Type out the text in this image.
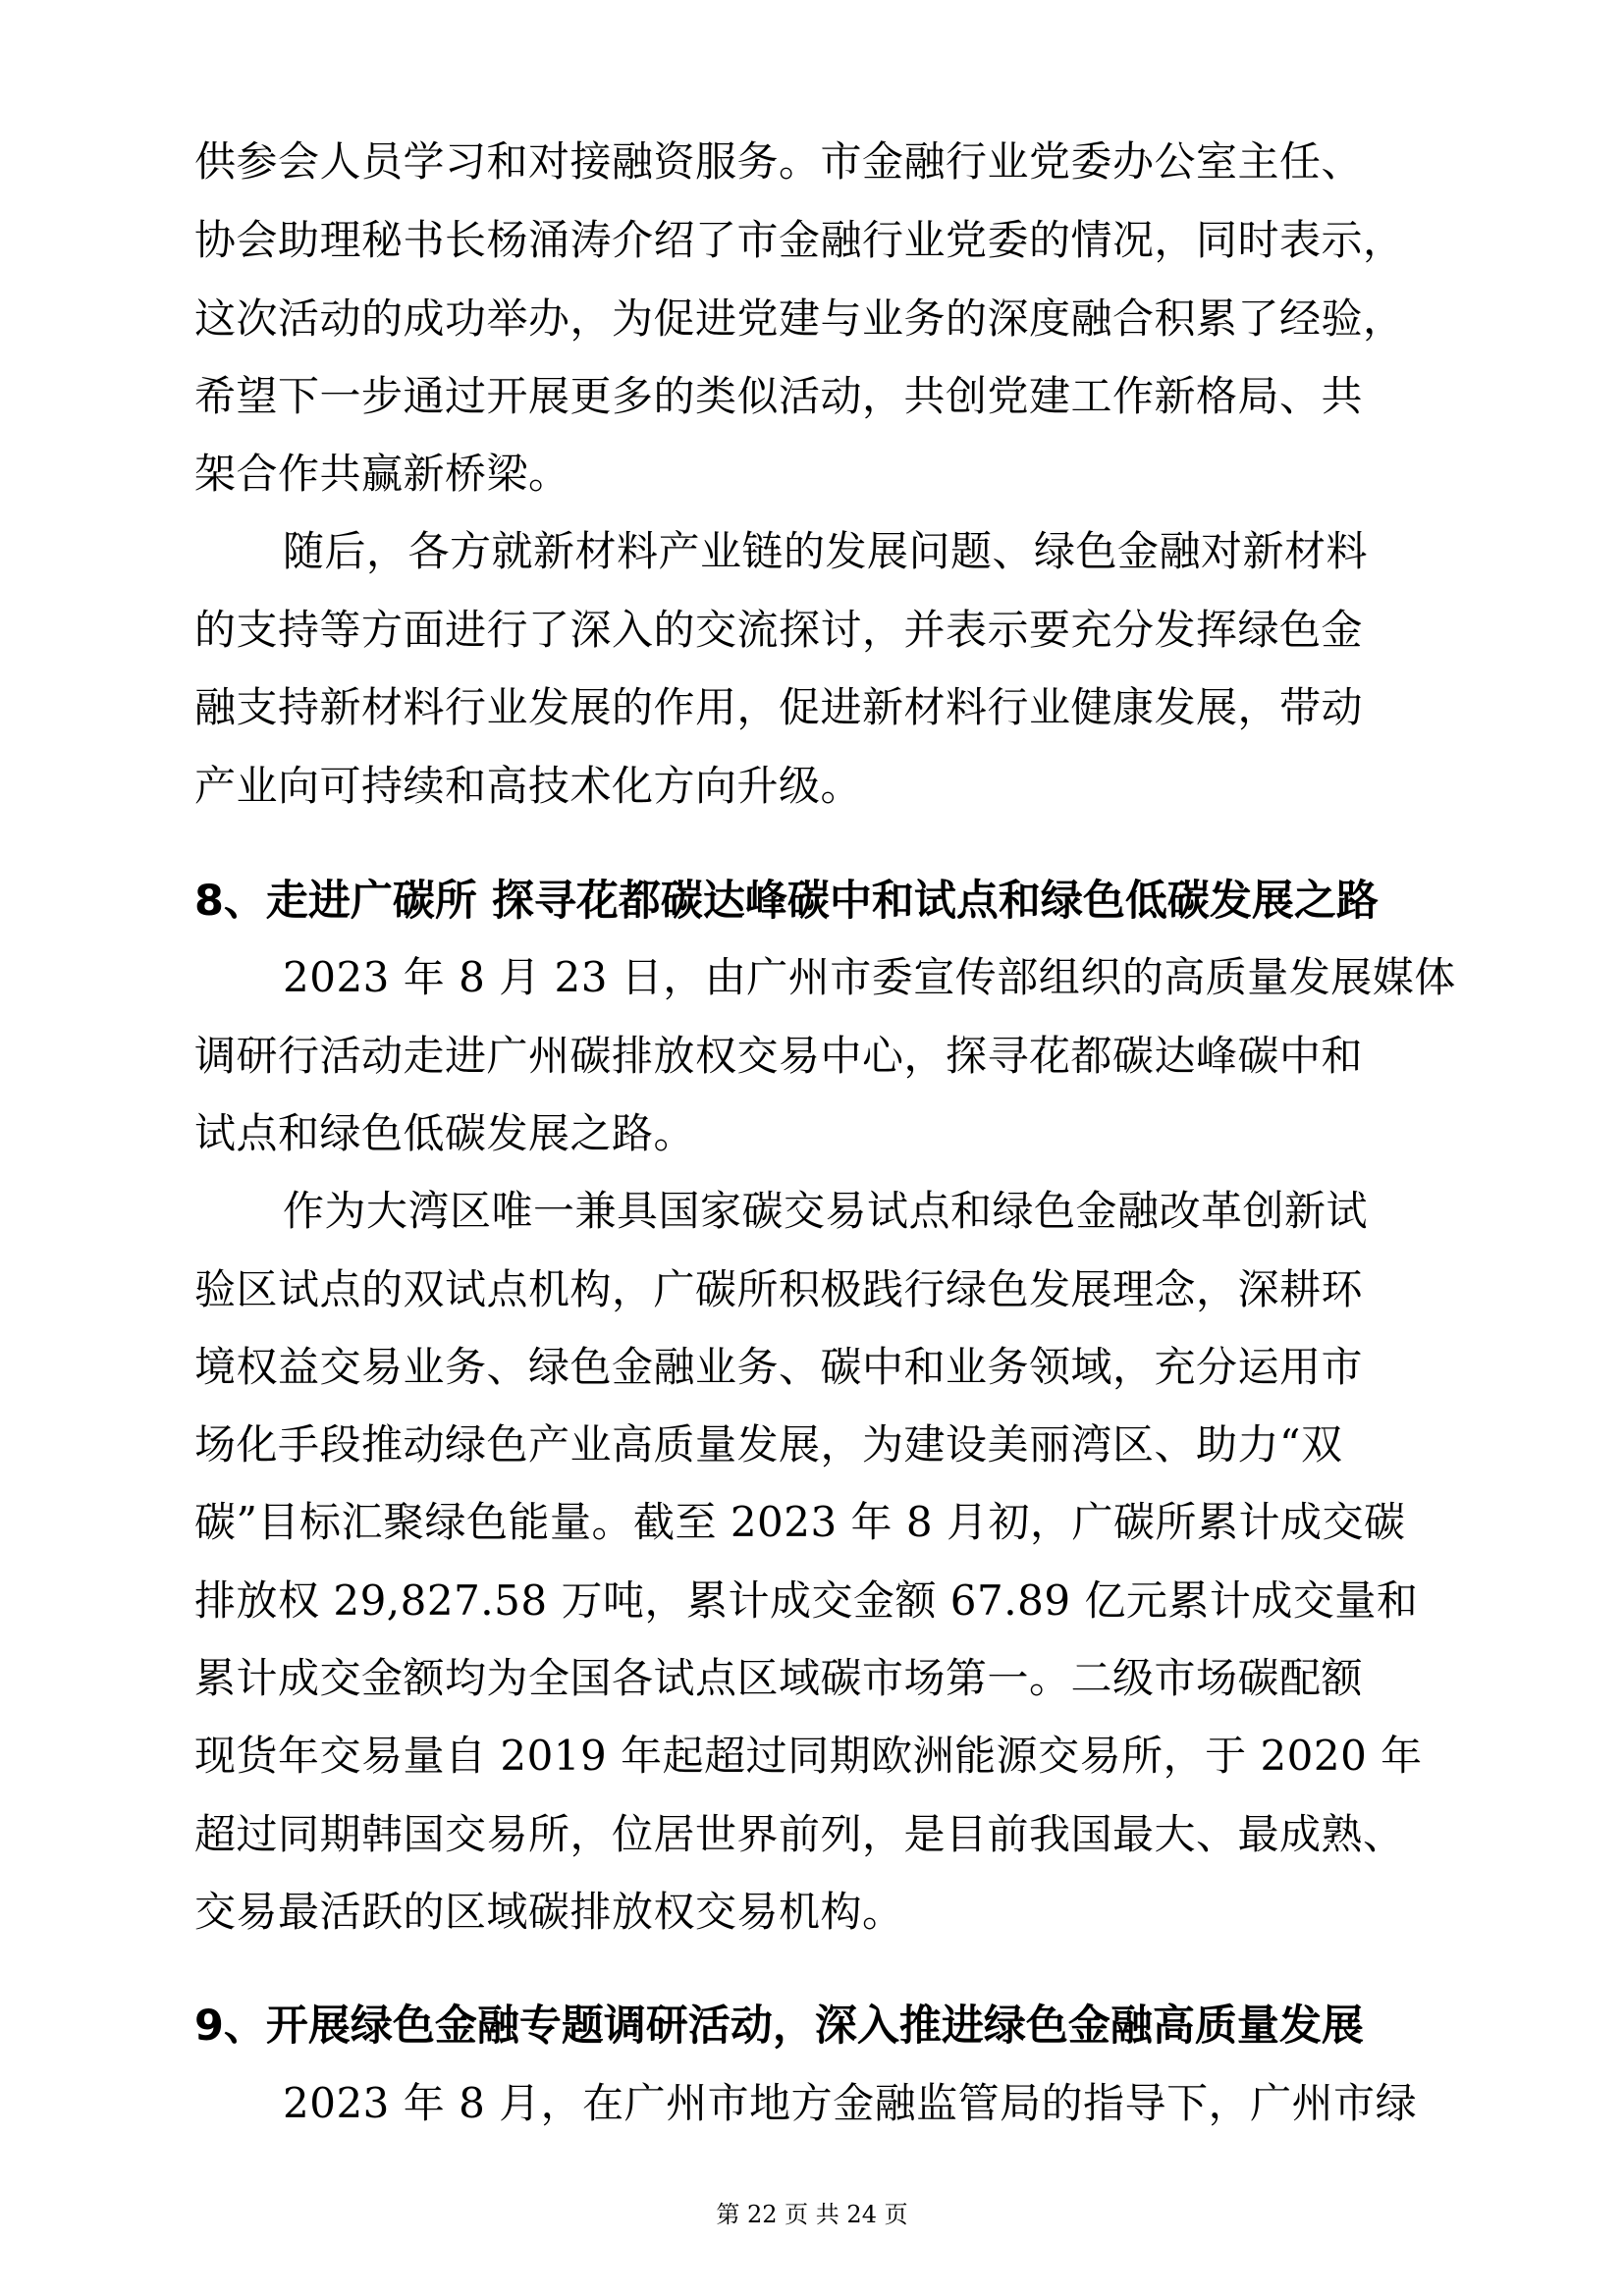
供参会人员学习和对接融资服务。市金融行业党委办公室主任、
协会助理秘书长杨涌涛介绍了市金融行业党委的情况，同时表示，
这次活动的成功举办，为促进党建与业务的深度融合积累了经验，
希望下一步通过开展更多的类似活动，共创党建工作新格局、共
架合作共赢新桥梁。
随后，各方就新材料产业链的发展问题、绿色金融对新材料
的支持等方面进行了深入的交流探讨，并表示要充分发挥绿色金
融支持新材料行业发展的作用，促进新材料行业健康发展，带动
产业向可持续和高技术化方向升级。
8、走进广碳所 探寻花都碳达峰碳中和试点和绿色低碳发展之路
2023 年 8 月 23 日，由广州市委宣传部组织的高质量发展媒体
调研行活动走进广州碳排放权交易中心，探寻花都碳达峰碳中和
试点和绿色低碳发展之路。
作为大湾区唯一兼具国家碳交易试点和绿色金融改革创新试
验区试点的双试点机构，广碳所积极践行绿色发展理念，深耕环
境权益交易业务、绿色金融业务、碳中和业务领域，充分运用市
场化手段推动绿色产业高质量发展，为建设美丽湾区、助力“双
碳”目标汇聚绿色能量。截至 2023 年 8 月初，广碳所累计成交碳
排放权 29,827.58 万吨，累计成交金额 67.89 亿元累计成交量和
累计成交金额均为全国各试点区域碳市场第一。二级市场碳配额
现货年交易量自 2019 年起超过同期欧洲能源交易所，于 2020 年
超过同期韩国交易所，位居世界前列，是目前我国最大、最成熟、
交易最活跃的区域碳排放权交易机构。
9、开展绿色金融专题调研活动，深入推进绿色金融高质量发展
2023 年 8 月，在广州市地方金融监管局的指导下，广州市绿
第 22 页 共 24 页
